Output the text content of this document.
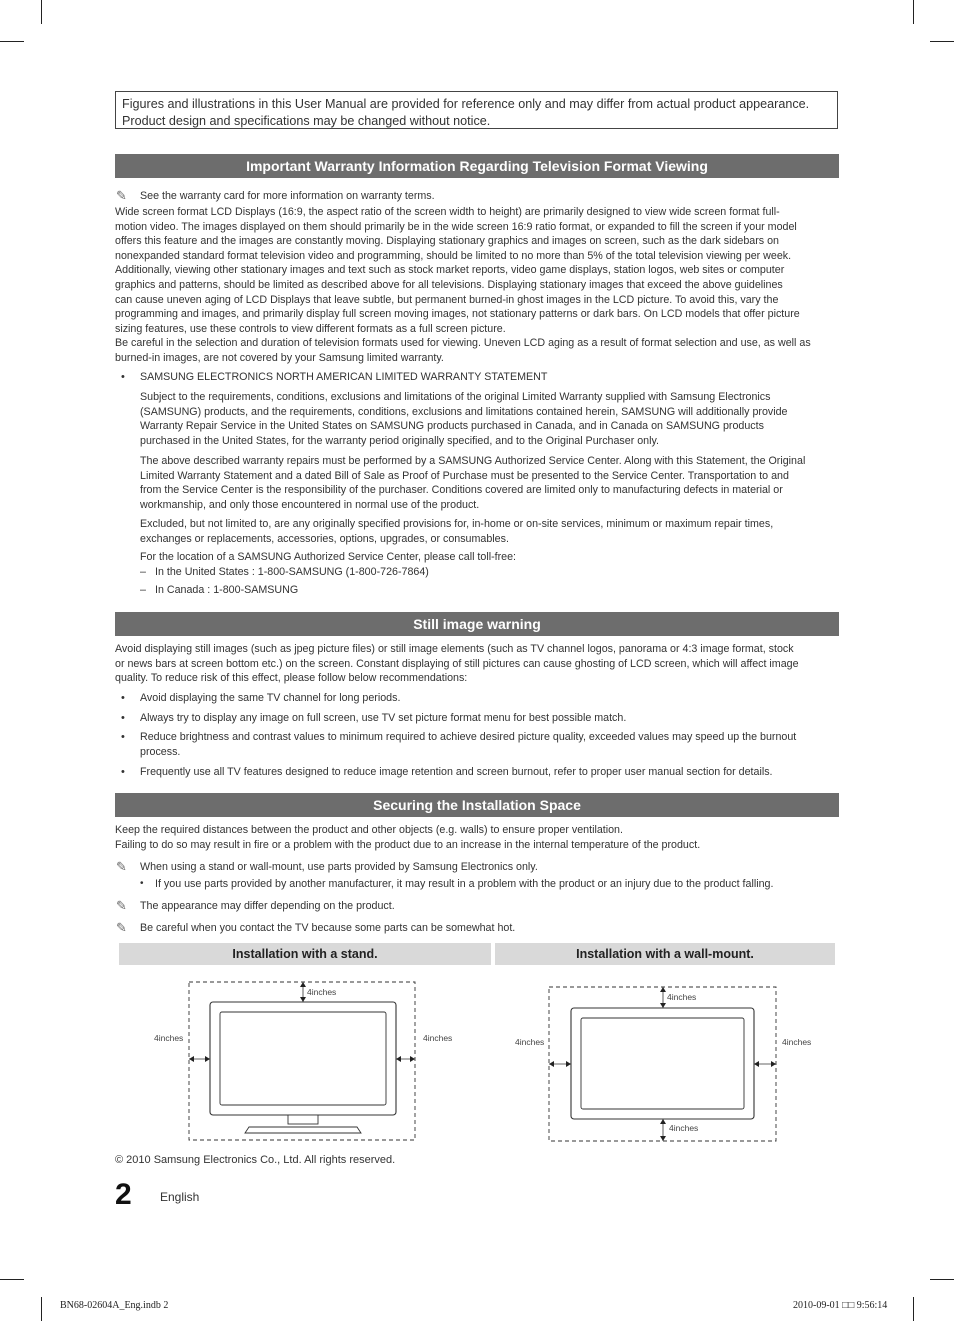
Figures and illustrations in this User Manual are provided for reference only and may differ from actual product appearance.
Product design and specifications may be changed without notice.
Important Warranty Information Regarding Television Format Viewing
✎ See the warranty card for more information on warranty terms.
Wide screen format LCD Displays (16:9, the aspect ratio of the screen width to height) are primarily designed to view wide screen format full-
motion video. The images displayed on them should primarily be in the wide screen 16:9 ratio format, or expanded to fill the screen if your model
offers this feature and the images are constantly moving. Displaying stationary graphics and images on screen, such as the dark sidebars on
nonexpanded standard format television video and programming, should be limited to no more than 5% of the total television viewing per week.
Additionally, viewing other stationary images and text such as stock market reports, video game displays, station logos, web sites or computer
graphics and patterns, should be limited as described above for all televisions. Displaying stationary images that exceed the above guidelines
can cause uneven aging of LCD Displays that leave subtle, but permanent burned-in ghost images in the LCD picture. To avoid this, vary the
programming and images, and primarily display full screen moving images, not stationary patterns or dark bars. On LCD models that offer picture
sizing features, use these controls to view different formats as a full screen picture.
Be careful in the selection and duration of television formats used for viewing. Uneven LCD aging as a result of format selection and use, as well as
burned-in images, are not covered by your Samsung limited warranty.
• SAMSUNG ELECTRONICS NORTH AMERICAN LIMITED WARRANTY STATEMENT
Subject to the requirements, conditions, exclusions and limitations of the original Limited Warranty supplied with Samsung Electronics
(SAMSUNG) products, and the requirements, conditions, exclusions and limitations contained herein, SAMSUNG will additionally provide
Warranty Repair Service in the United States on SAMSUNG products purchased in Canada, and in Canada on SAMSUNG products
purchased in the United States, for the warranty period originally specified, and to the Original Purchaser only.
The above described warranty repairs must be performed by a SAMSUNG Authorized Service Center. Along with this Statement, the Original
Limited Warranty Statement and a dated Bill of Sale as Proof of Purchase must be presented to the Service Center. Transportation to and
from the Service Center is the responsibility of the purchaser. Conditions covered are limited only to manufacturing defects in material or
workmanship, and only those encountered in normal use of the product.
Excluded, but not limited to, are any originally specified provisions for, in-home or on-site services, minimum or maximum repair times,
exchanges or replacements, accessories, options, upgrades, or consumables.
For the location of a SAMSUNG Authorized Service Center, please call toll-free:
– In the United States : 1-800-SAMSUNG (1-800-726-7864)
– In Canada : 1-800-SAMSUNG
Still image warning
Avoid displaying still images (such as jpeg picture files) or still image elements (such as TV channel logos, panorama or 4:3 image format, stock
or news bars at screen bottom etc.) on the screen. Constant displaying of still pictures can cause ghosting of LCD screen, which will affect image
quality. To reduce risk of this effect, please follow below recommendations:
• Avoid displaying the same TV channel for long periods.
• Always try to display any image on full screen, use TV set picture format menu for best possible match.
• Reduce brightness and contrast values to minimum required to achieve desired picture quality, exceeded values may speed up the burnout
process.
• Frequently use all TV features designed to reduce image retention and screen burnout, refer to proper user manual section for details.
Securing the Installation Space
Keep the required distances between the product and other objects (e.g. walls) to ensure proper ventilation.
Failing to do so may result in fire or a problem with the product due to an increase in the internal temperature of the product.
✎ When using a stand or wall-mount, use parts provided by Samsung Electronics only.
• If you use parts provided by another manufacturer, it may result in a problem with the product or an injury due to the product falling.
✎ The appearance may differ depending on the product.
✎ Be careful when you contact the TV because some parts can be somewhat hot.
Installation with a stand.	Installation with a wall-mount.
4inches
4inches	4inches
4inches
4inches
4inches	4inches
© 2010 Samsung Electronics Co., Ltd. All rights reserved.
2 English
BN68-02604A_Eng.indb 2	2010-09-01 □□ 9:56:14
